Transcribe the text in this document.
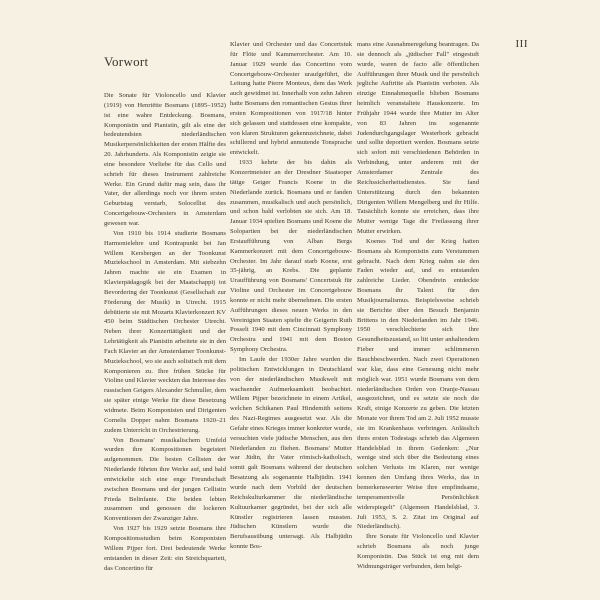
III
Vorwort

Die Sonate für Violoncello und Klavier (1919) von Henriëtte Bosmans (1895–1952) ist eine wahre Entdeckung. Bosmans, Komponistin und Pianistin, gilt als eine der bedeutendsten niederländischen Musikerpersönlichkeiten der ersten Hälfte des 20. Jahrhunderts. Als Komponistin zeigte sie eine besondere Vorliebe für das Cello und schrieb für dieses Instrument zahlreiche Werke. Ein Grund dafür mag sein, dass ihr Vater, der allerdings noch vor ihrem ersten Geburtstag verstarb, Solocellist des Concertgebouw-Orchesters in Amsterdam gewesen war.

Von 1910 bis 1914 studierte Bosmans Harmonielehre und Kontrapunkt bei Jan Willem Kersbergen an der Toonkunst Muziekschool in Amsterdam. Mit siebzehn Jahren machte sie ein Examen in Klavierpädagogik bei der Maatschappij tot Bevordering der Toonkunst (Gesellschaft zur Förderung der Musik) in Utrecht. 1915 debütierte sie mit Mozarts Klavierkonzert KV 450 beim Städtischen Orchester Utrecht. Neben ihrer Konzerttätigkeit und der Lehrtätigkeit als Pianistin arbeitete sie in den Fach Klavier an der Amsterdamer Toonkunst-Muziekschool, wo sie auch solistisch mit dem Komponieren zu. Ihre frühen Stücke für Violine und Klavier weckten das Interesse des russischen Geigers Alexander Schmuller, dem sie später einige Werke für diese Besetzung widmete. Beim Komponisten und Dirigenten Cornelis Dopper nahm Bosmans 1920–21 zudem Unterricht in Orchestrierung.

Von Bosmans' musikalischem Umfeld wurden ihre Kompositionen begeistert aufgenommen. Die besten Cellisten der Niederlande führten ihre Werke auf, und bald entwickelte sich eine enge Freundschaft zwischen Bosmans und der jungen Cellistin Frieda Belinfante. Die beiden lebten zusammen und genossen die lockeren Konventionen der Zwanziger Jahre.

Von 1927 bis 1929 setzte Bosmans ihre Kompositionsstudien beim Komponisten Willem Pijper fort. Drei bedeutende Werke entstanden in dieser Zeit: ein Streichquartett, das Concertino für

Klavier und Orchester und das Concertstuk für Flöte und Kammerorchester. Am 10. Januar 1929 wurde das Concertino vom Concertgebouw-Orchester uraufgeführt, die Leitung hatte Pierre Monteux, dem das Werk auch gewidmet ist. Innerhalb von zehn Jahren hatte Bosmans den romantischen Gestus ihrer ersten Kompositionen von 1917/18 hinter sich gelassen und stattdessen eine kompakte, von klaren Strukturen gekennzeichnete, dabei schillernd und hybrid anmutende Tonsprache entwickelt.

1933 kehrte der bis dahin als Konzertmeister an der Dresdner Staatsoper tätige Geiger Francis Koene in die Niederlande zurück. Bosmans und er fanden zusammen, musikalisch und auch persönlich, und schon bald verlobten sie sich. Am 18. Januar 1934 spielten Bosmans und Koene die Solopartien bei der niederländischen Erstaufführung von Alban Bergs Kammerkonzert mit dem Concertgebouw-Orchester. Im Jahr darauf starb Koene, erst 35-jährig, an Krebs. Die geplante Uraufführung von Bosmans' Concertstuk für Violine und Orchester im Concertgebouw konnte er nicht mehr übernehmen. Die ersten Aufführungen dieses neuen Werks in den Vereinigten Staaten spielte die Geigerin Ruth Posselt 1940 mit dem Cincinnati Symphony Orchestra und 1941 mit dem Boston Symphony Orchestra.

Im Laufe der 1930er Jahre wurden die politischen Entwicklungen in Deutschland von der niederländischen Musikwelt mit wachsender Aufmerksamkeit beobachtet. Willem Pijper bezeichnete in einem Artikel, welchen Schikanen Paul Hindemith seitens des Nazi-Regimes ausgesetzt war. Als die Gefahr eines Krieges immer konkreter wurde, versuchten viele jüdische Menschen, aus den Niederlanden zu fliehen. Bosmans' Mutter war Jüdin, ihr Vater römisch-katholisch, somit galt Bosmans während der deutschen Besatzung als sogenannte Halbjüdin. 1941 wurde nach dem Vorbild der deutschen Reichskulturkammer die niederländische Kultuurkamer gegründet, bei der sich alle Künstler registrieren lassen mussten. Jüdischen Künstlern wurde die Berufsausübung untersagt. Als Halbjüdin konnte Bos-

mans eine Ausnahmeregelung beantragen. Da sie dennoch als „jüdischer Fall" eingestuft wurde, waren de facto alle öffentlichen Aufführungen ihrer Musik und ihr persönlich jegliche Auftritte als Pianistin verboten. Als einzige Einnahmequelle blieben Bosmans heimlich veranstaltete Hauskonzerte. Im Frühjahr 1944 wurde ihre Mutter im Alter von 83 Jahren ins sogenannte Judendurchgangslager Westerbork gebracht und sollte deportiert werden. Bosmans setzte sich sofort mit verschiedenen Behörden in Verbindung, unter anderem mit der Amsterdamer Zentrale des Reichssicherheitsdienstes. Sie fand Unterstützung durch den bekannten Dirigenten Willem Mengelberg und ihr Hilfe. Tatsächlich konnte sie erreichen, dass ihre Mutter wenige Tage die Freilassung ihrer Mutter erwirken.

Koenes Tod und der Krieg hatten Bosmans als Komponistin zum Verstummen gebracht. Nach dem Krieg nahm sie den Faden wieder auf, und es entstanden zahlreiche Lieder. Obendrein entdeckte Bosmans ihr Talent für den Musikjournalismus. Beispielsweise schrieb sie Berichte über den Besuch Benjamin Brittens in den Niederlanden im Jahr 1946. 1950 verschlechterte sich ihre Gesundheitszustand, so litt unter anhaltendem Fieber und immer schlimmeren Bauchbeschwerden. Nach zwei Operationen war klar, dass eine Genesung nicht mehr möglich war. 1951 wurde Bosmans von dem niederländischen Orden von Oranje-Nassau ausgezeichnet, und es setzte sie noch die Kraft, einige Konzerte zu geben. Die letzten Monate vor ihrem Tod am 2. Juli 1952 musste sie im Krankenhaus verbringen. Anlässlich ihres ersten Todestags schrieb das Algemeen Handelsblad in ihrem Gedenken: „Nur wenige sind sich über die Bedeutung eines solchen Verlusts im Klaren, nur wenige kennen den Umfang ihres Werks, das in bemerkenswerter Weise ihre empfindsame, temperamentvolle Persönlichkeit widerspiegelt" (Algemeen Handelsblad, 3. Juli 1953, S. 2. Zitat im Original auf Niederländisch).

Ihre Sonate für Violoncello und Klavier schrieb Bosmans als noch junge Komponistin. Das Stück ist eng mit dem Widmungsträger verbunden, dem belgi-
